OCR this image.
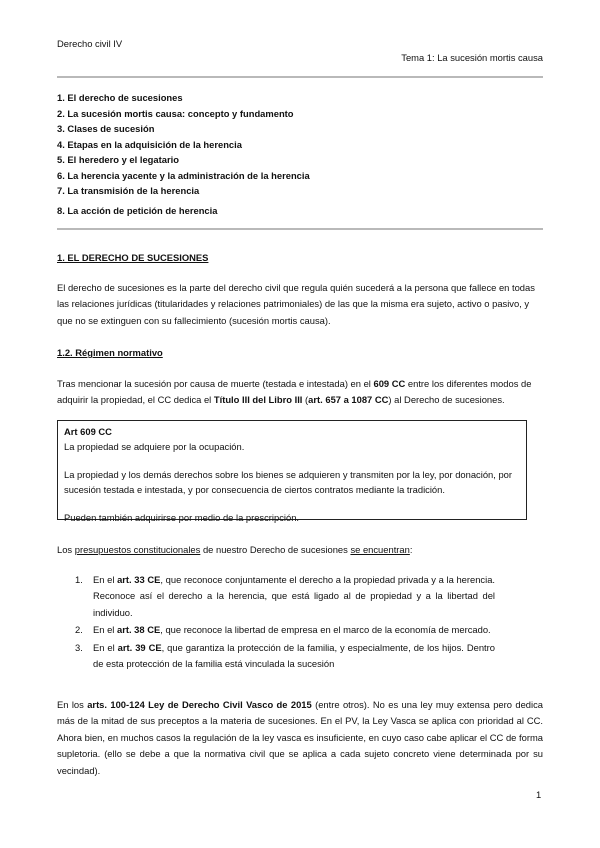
Derecho civil IV
Tema 1: La sucesión mortis causa
1. El derecho de sucesiones
2. La sucesión mortis causa: concepto y fundamento
3. Clases de sucesión
4. Etapas en la adquisición de la herencia
5. El heredero y el legatario
6. La herencia yacente y la administración de la herencia
7. La transmisión de la herencia
8. La acción de petición de herencia
1. EL DERECHO DE SUCESIONES
El derecho de sucesiones es la parte del derecho civil que regula quién sucederá a la persona que fallece en todas las relaciones jurídicas (titularidades y relaciones patrimoniales) de las que la misma era sujeto, activo o pasivo, y que no se extinguen con su fallecimiento (sucesión mortis causa).
1.2. Régimen normativo
Tras mencionar la sucesión por causa de muerte (testada e intestada) en el 609 CC entre los diferentes modos de adquirir la propiedad, el CC dedica el Título III del Libro III (art. 657 a 1087 CC) al Derecho de sucesiones.

Art 609 CC

La propiedad se adquiere por la ocupación.

La propiedad y los demás derechos sobre los bienes se adquieren y transmiten por la ley, por donación, por sucesión testada e intestada, y por consecuencia de ciertos contratos mediante la tradición.

Pueden también adquirirse por medio de la prescripción.

Los presupuestos constitucionales de nuestro Derecho de sucesiones se encuentran:
1. En el art. 33 CE, que reconoce conjuntamente el derecho a la propiedad privada y a la herencia. Reconoce así el derecho a la herencia, que está ligado al de propiedad y a la libertad del individuo.
2. En el art. 38 CE, que reconoce la libertad de empresa en el marco de la economía de mercado.
3. En el art. 39 CE, que garantiza la protección de la familia, y especialmente, de los hijos. Dentro de esta protección de la familia está vinculada la sucesión
En los arts. 100-124 Ley de Derecho Civil Vasco de 2015 (entre otros). No es una ley muy extensa pero dedica más de la mitad de sus preceptos a la materia de sucesiones. En el PV, la Ley Vasca se aplica con prioridad al CC. Ahora bien, en muchos casos la regulación de la ley vasca es insuficiente, en cuyo caso cabe aplicar el CC de forma supletoria. (ello se debe a que la normativa civil que se aplica a cada sujeto concreto viene determinada por su vecindad).
1
